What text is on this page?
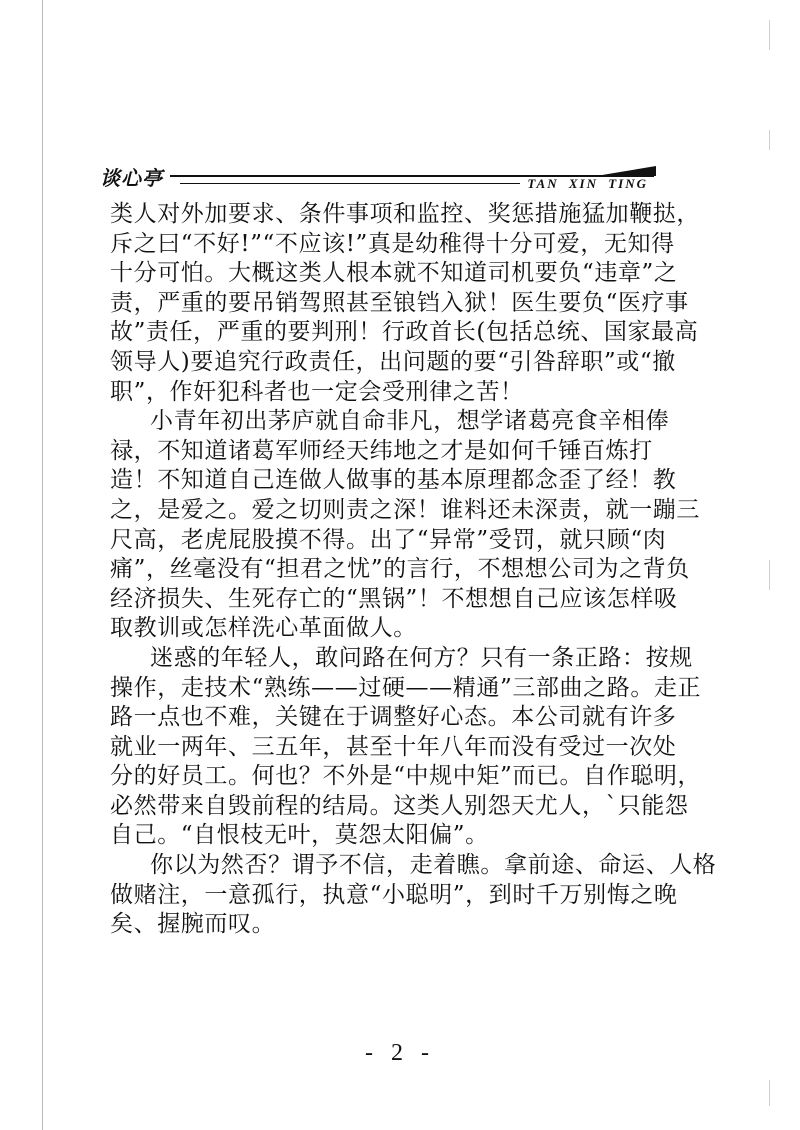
谈心亭	TAN XIN TING
类人对外加要求、条件事项和监控、奖惩措施猛加鞭挞，
斥之曰“不好!”“不应该!”真是幼稚得十分可爱，无知得
十分可怕。大概这类人根本就不知道司机要负“违章”之
责，严重的要吊销驾照甚至锒铛入狱！医生要负“医疗事
故”责任，严重的要判刑！行政首长(包括总统、国家最高
领导人)要追究行政责任，出问题的要“引咎辞职”或“撤
职”，作奸犯科者也一定会受刑律之苦！
小青年初出茅庐就自命非凡，想学诸葛亮食辛相俸
禄，不知道诸葛军师经天纬地之才是如何千锤百炼打
造！不知道自己连做人做事的基本原理都念歪了经！教
之，是爱之。爱之切则责之深！谁料还未深责，就一蹦三
尺高，老虎屁股摸不得。出了“异常”受罚，就只顾“肉
痛”，丝毫没有“担君之忧”的言行，不想想公司为之背负
经济损失、生死存亡的“黑锅”！不想想自己应该怎样吸
取教训或怎样洗心革面做人。
迷惑的年轻人，敢问路在何方？只有一条正路：按规
操作，走技术“熟练——过硬——精通”三部曲之路。走正
路一点也不难，关键在于调整好心态。本公司就有许多
就业一两年、三五年，甚至十年八年而没有受过一次处
分的好员工。何也？不外是“中规中矩”而已。自作聪明，
必然带来自毁前程的结局。这类人别怨天尤人，`只能怨
自己。“自恨枝无叶，莫怨太阳偏”。
你以为然否？谓予不信，走着瞧。拿前途、命运、人格
做赌注，一意孤行，执意“小聪明”，到时千万别悔之晚
矣、握腕而叹。
- 2 -
